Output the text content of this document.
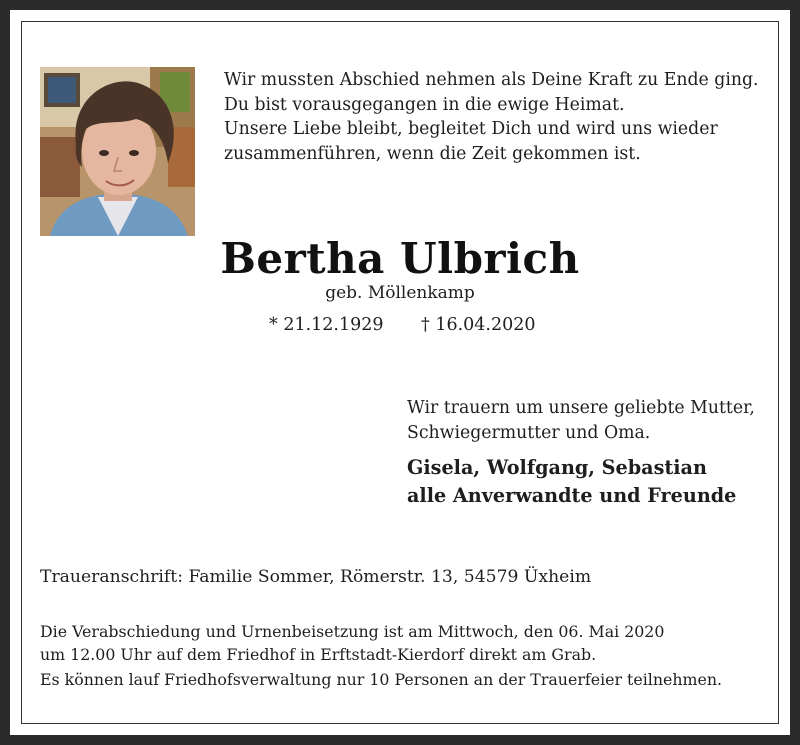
Wir mussten Abschied nehmen als Deine Kraft zu Ende ging.
Du bist vorausgegangen in die ewige Heimat.
Unsere Liebe bleibt, begleitet Dich und wird uns wieder
zusammenführen, wenn die Zeit gekommen ist.
Bertha Ulbrich
geb. Möllenkamp
* 21.12.1929 † 16.04.2020
Wir trauern um unsere geliebte Mutter,
Schwiegermutter und Oma.
Gisela, Wolfgang, Sebastian
alle Anverwandte und Freunde
Traueranschrift: Familie Sommer, Römerstr. 13, 54579 Üxheim
Die Verabschiedung und Urnenbeisetzung ist am Mittwoch, den 06. Mai 2020
um 12.00 Uhr auf dem Friedhof in Erftstadt-Kierdorf direkt am Grab.
Es können lauf Friedhofsverwaltung nur 10 Personen an der Trauerfeier teilnehmen.
